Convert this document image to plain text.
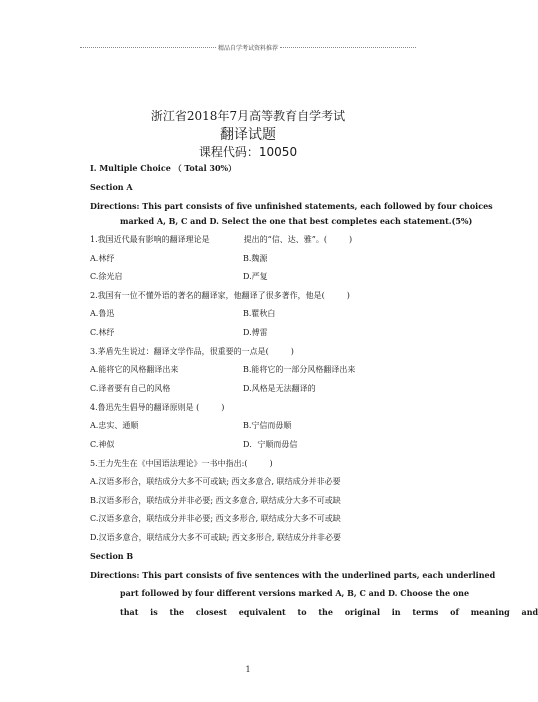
精品自学考试资料推荐
浙江省2018年7月高等教育自学考试
翻译试题
课程代码：10050
I. Multiple Choice （ Total 30%）
Section A
Directions: This part consists of five unfinished statements, each followed by four choices
marked A, B, C and D. Select the one that best completes each statement.(5%)
1.我国近代最有影响的翻译理论是	提出的“信、达、雅”。(	)
A.林纾	B.魏源
C.徐光启	D.严复
2.我国有一位不懂外语的著名的翻译家，他翻译了很多著作，他是(	)
A.鲁迅	B.瞿秋白
C.林纾	D.傅雷
3.茅盾先生说过：翻译文学作品，很重要的一点是(	)
A.能将它的风格翻译出来	B.能将它的一部分风格翻译出来
C.译者要有自己的风格	D.风格是无法翻译的
4.鲁迅先生倡导的翻译原则是 (	)
A.忠实、通顺	B.宁信而毋顺
C.神似	D．宁顺而毋信
5.王力先生在《中国语法理论》一书中指出:(	)
A.汉语多形合，联结成分大多不可或缺; 西文多意合, 联结成分并非必要
B.汉语多形合，联结成分并非必要; 西文多意合, 联结成分大多不可或缺
C.汉语多意合，联结成分并非必要; 西文多形合, 联结成分大多不可或缺
D.汉语多意合，联结成分大多不可或缺; 西文多形合, 联结成分并非必要
Section B
Directions: This part consists of five sentences with the underlined parts, each underlined
part followed by four different versions marked A, B, C and D. Choose the one
that is the closest equivalent to the original in terms of meaning and
1
